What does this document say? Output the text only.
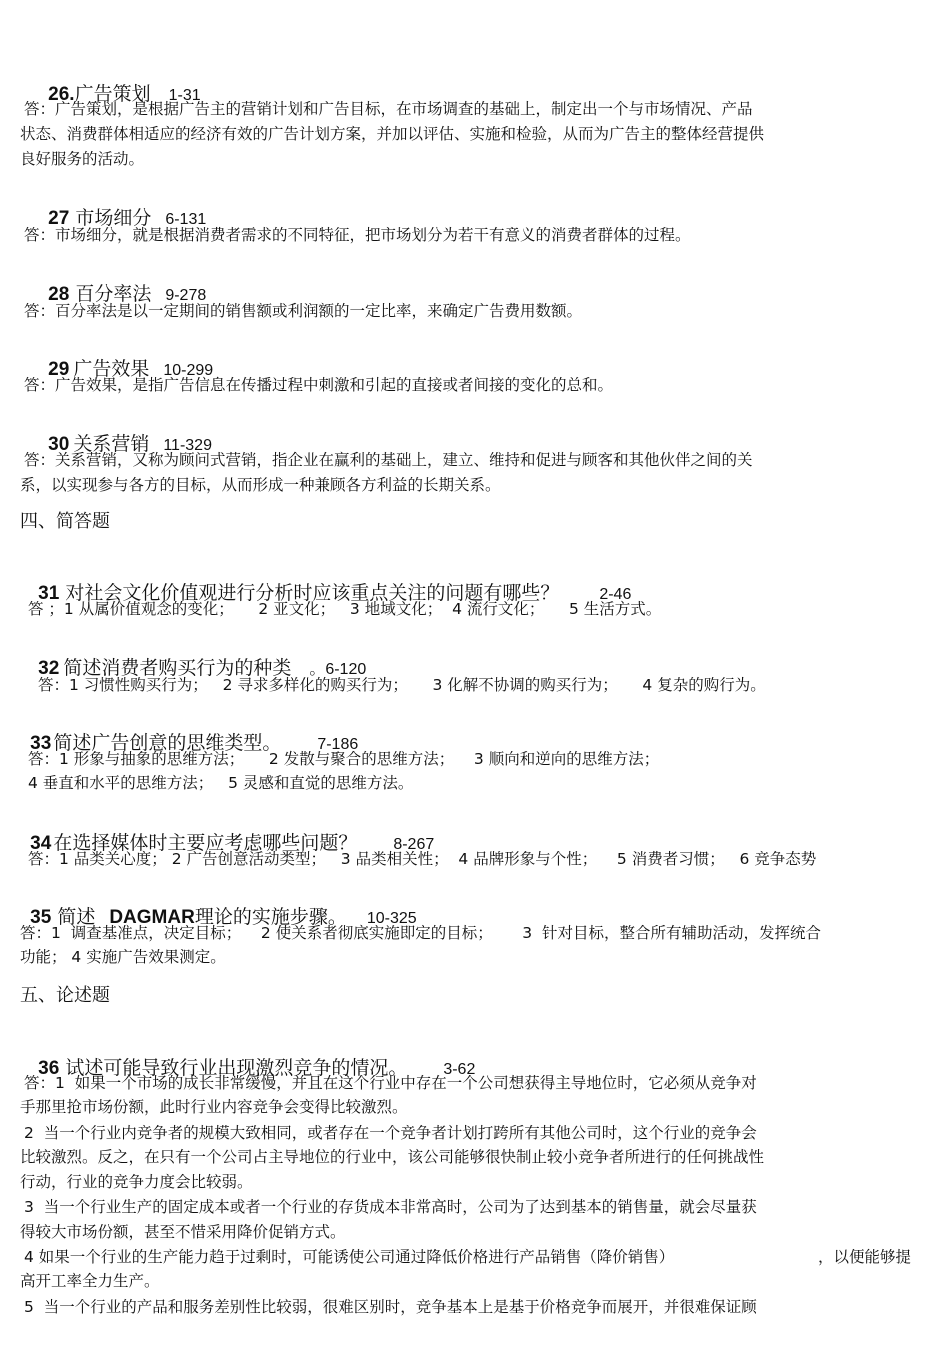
26.广告策划 1-31

答：广告策划，是根据广告主的营销计划和广告目标，在市场调查的基础上，制定出一个与市场情况、产品
状态、消费群体相适应的经济有效的广告计划方案，并加以评估、实施和检验，从而为广告主的整体经营提供
良好服务的活动。

27 市场细分 6-131

答：市场细分，就是根据消费者需求的不同特征，把市场划分为若干有意义的消费者群体的过程。

28 百分率法 9-278

答：百分率法是以一定期间的销售额或利润额的一定比率，来确定广告费用数额。

29 广告效果 10-299

答：广告效果，是指广告信息在传播过程中刺激和引起的直接或者间接的变化的总和。

30 关系营销 11-329

答：关系营销，又称为顾问式营销，指企业在赢利的基础上，建立、维持和促进与顾客和其他伙伴之间的关
系，以实现参与各方的目标，从而形成一种兼顾各方利益的长期关系。
四、简答题

31 对社会文化价值观进行分析时应该重点关注的问题有哪些？	2-46

答 ；1 从属价值观念的变化；     2 亚文化；   3 地域文化；  4 流行文化；     5 生活方式。

32 简述消费者购买行为的种类 。6-120

答：1 习惯性购买行为；   2 寻求多样化的购买行为；     3 化解不协调的购买行为；     4 复杂的购行为。

33 简述广告创意的思维类型。 7-186

答：1 形象与抽象的思维方法；     2 发散与聚合的思维方法；    3 顺向和逆向的思维方法；
4 垂直和水平的思维方法；   5 灵感和直觉的思维方法。

34 在选择媒体时主要应考虑哪些问题？ 8-267

答：1 品类关心度； 2 广告创意活动类型；   3 品类相关性；  4 品牌形象与个性；    5 消费者习惯；   6 竞争态势

35 简述 DAGMAR理论的实施步骤。 10-325

答：1  调查基准点，决定目标；    2 使关系者彻底实施即定的目标；      3  针对目标，整合所有辅助活动，发挥统合
功能； 4 实施广告效果测定。
五、论述题

36 试述可能导致行业出现激烈竞争的情况。 3-62

答：1  如果一个市场的成长非常缓慢，并且在这个行业中存在一个公司想获得主导地位时，它必须从竞争对
手那里抢市场份额，此时行业内容竞争会变得比较激烈。
2  当一个行业内竞争者的规模大致相同，或者存在一个竞争者计划打跨所有其他公司时，这个行业的竞争会
比较激烈。反之，在只有一个公司占主导地位的行业中，该公司能够很快制止较小竞争者所进行的任何挑战性
行动，行业的竞争力度会比较弱。
3  当一个行业生产的固定成本或者一个行业的存货成本非常高时，公司为了达到基本的销售量，就会尽量获
得较大市场份额，甚至不惜采用降价促销方式。
4 如果一个行业的生产能力趋于过剩时，可能诱使公司通过降低价格进行产品销售（降价销售）	，以便能够提
高开工率全力生产。
5  当一个行业的产品和服务差别性比较弱，很难区别时，竞争基本上是基于价格竞争而展开，并很难保证顾
